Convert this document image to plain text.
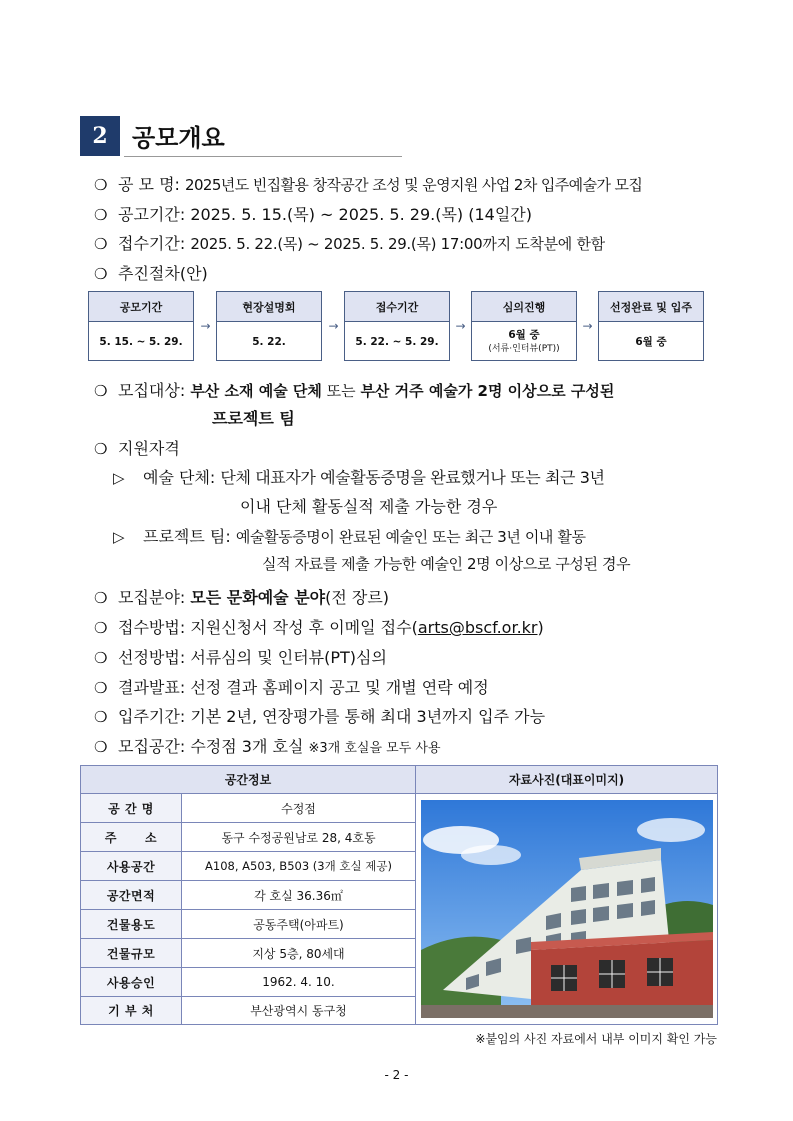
2	공모개요
❍ 공 모 명: 2025년도 빈집활용 창작공간 조성 및 운영지원 사업 2차 입주예술가 모집
❍ 공고기간: 2025. 5. 15.(목) ~ 2025. 5. 29.(목) (14일간)
❍ 접수기간: 2025. 5. 22.(목) ~ 2025. 5. 29.(목) 17:00까지 도착분에 한함
❍ 추진절차(안)
공모기간
5. 15. ~ 5. 29.
→
현장설명회
5. 22.
→
접수기간
5. 22. ~ 5. 29.
→
심의진행
6월 중
(서류·인터뷰(PT))
→
선정완료 및 입주
6월 중
❍ 모집대상: 부산 소재 예술 단체 또는 부산 거주 예술가 2명 이상으로 구성된
프로젝트 팀
❍ 지원자격
▷ 예술 단체: 단체 대표자가 예술활동증명을 완료했거나 또는 최근 3년
이내 단체 활동실적 제출 가능한 경우
▷ 프로젝트 팀: 예술활동증명이 완료된 예술인 또는 최근 3년 이내 활동
실적 자료를 제출 가능한 예술인 2명 이상으로 구성된 경우
❍ 모집분야: 모든 문화예술 분야(전 장르)
❍ 접수방법: 지원신청서 작성 후 이메일 접수(arts@bscf.or.kr)
❍ 선정방법: 서류심의 및 인터뷰(PT)심의
❍ 결과발표: 선정 결과 홈페이지 공고 및 개별 연락 예정
❍ 입주기간: 기본 2년, 연장평가를 통해 최대 3년까지 입주 가능
❍ 모집공간: 수정점 3개 호실 ※3개 호실을 모두 사용
공간정보	자료사진(대표이미지)
공 간 명	수정점
주      소	동구 수정공원남로 28, 4호동
사용공간	A108, A503, B503 (3개 호실 제공)
공간면적	각 호실 36.36㎡
건물용도	공동주택(아파트)
건물규모	지상 5층, 80세대
사용승인	1962. 4. 10.
기 부 처	부산광역시 동구청
※붙임의 사진 자료에서 내부 이미지 확인 가능
- 2 -
